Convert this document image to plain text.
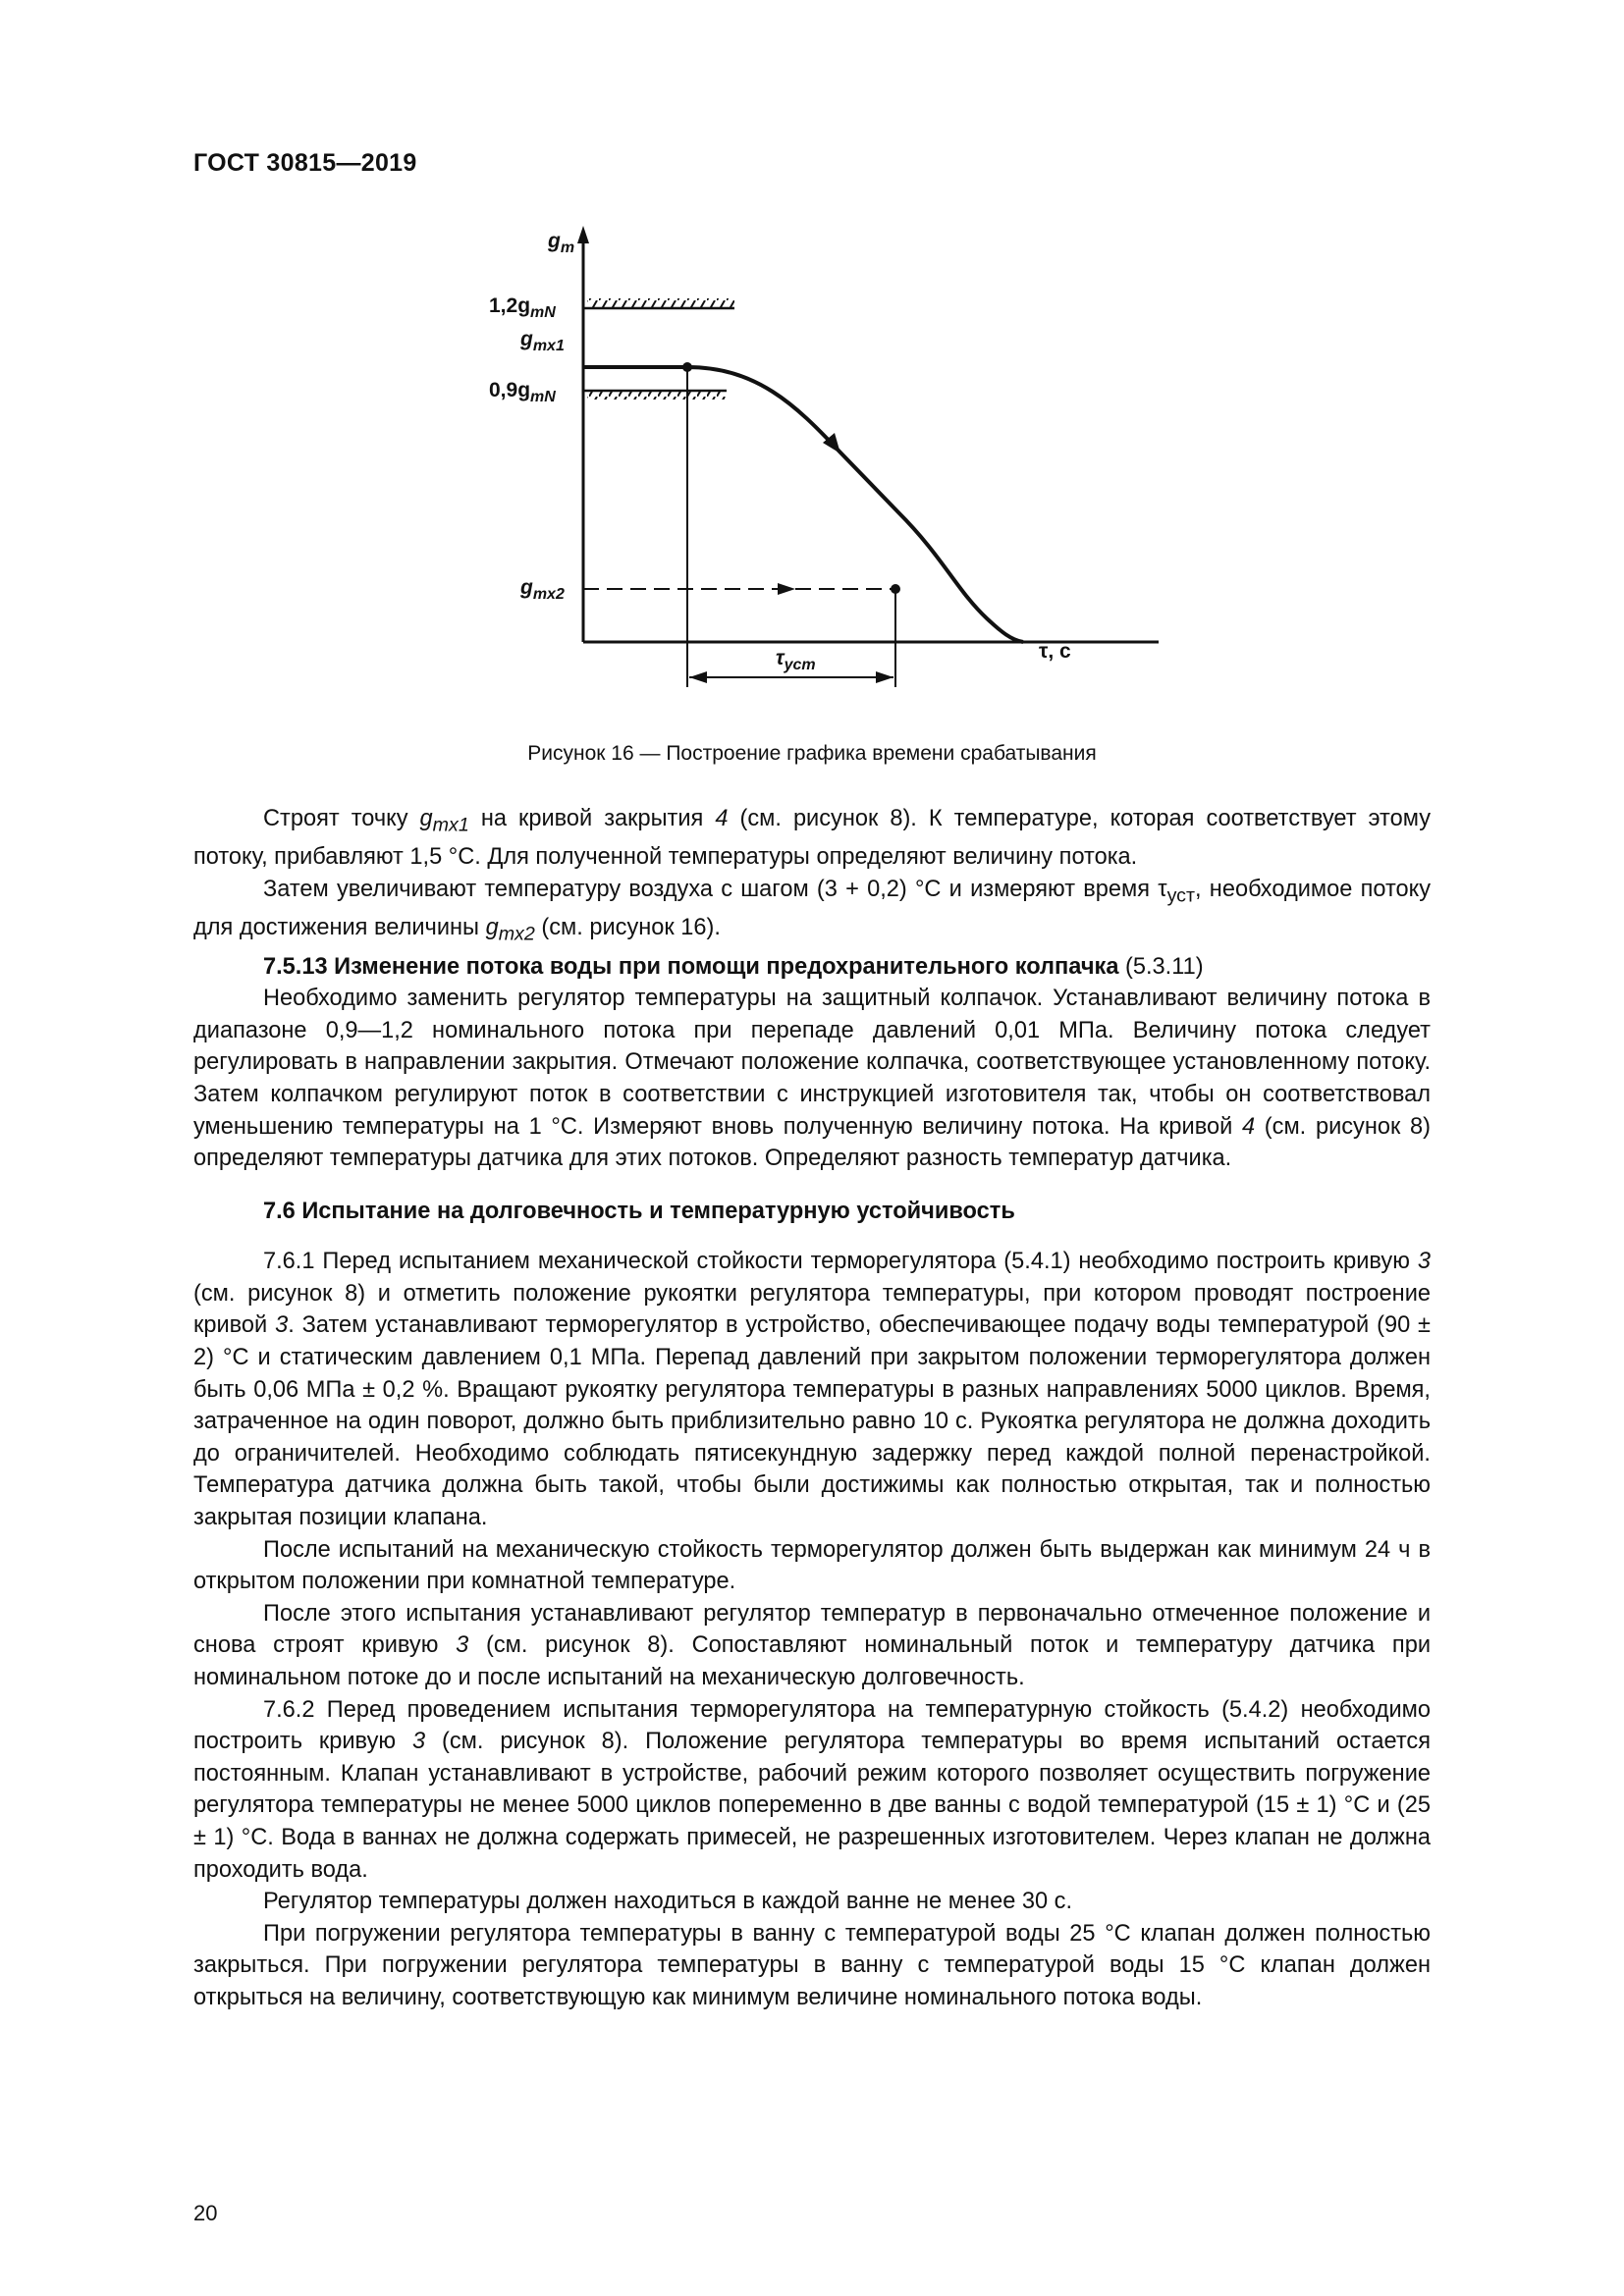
ГОСТ 30815—2019
$g_m$
$1,2g_{mN}$
$g_{mx1}$
$0,9g_{mN}$
$g_{mx2}$
$\tau_{уст}$
τ, с
Рисунок 16 — Построение графика времени срабатывания

Строят точку $g_{mx1}$ на кривой закрытия 4 (см. рисунок 8). К температуре, которая соответствует этому потоку, прибавляют 1,5 °С. Для полученной температуры определяют величину потока.

Затем увеличивают температуру воздуха с шагом (3 + 0,2) °С и измеряют время $\tau_{уст}$, необходимое потоку для достижения величины $g_{mx2}$ (см. рисунок 16).

7.5.13 Изменение потока воды при помощи предохранительного колпачка (5.3.11)

Необходимо заменить регулятор температуры на защитный колпачок. Устанавливают величину потока в диапазоне 0,9—1,2 номинального потока при перепаде давлений 0,01 МПа. Величину потока следует регулировать в направлении закрытия. Отмечают положение колпачка, соответствующее установленному потоку. Затем колпачком регулируют поток в соответствии с инструкцией изготовителя так, чтобы он соответствовал уменьшению температуры на 1 °С. Измеряют вновь полученную величину потока. На кривой 4 (см. рисунок 8) определяют температуры датчика для этих потоков. Определяют разность температур датчика.

7.6 Испытание на долговечность и температурную устойчивость

7.6.1 Перед испытанием механической стойкости терморегулятора (5.4.1) необходимо построить кривую 3 (см. рисунок 8) и отметить положение рукоятки регулятора температуры, при котором проводят построение кривой 3. Затем устанавливают терморегулятор в устройство, обеспечивающее подачу воды температурой (90 ± 2) °С и статическим давлением 0,1 МПа. Перепад давлений при закрытом положении терморегулятора должен быть 0,06 МПа ± 0,2 %. Вращают рукоятку регулятора температуры в разных направлениях 5000 циклов. Время, затраченное на один поворот, должно быть приблизительно равно 10 с. Рукоятка регулятора не должна доходить до ограничителей. Необходимо соблюдать пятисекундную задержку перед каждой полной перенастройкой. Температура датчика должна быть такой, чтобы были достижимы как полностью открытая, так и полностью закрытая позиции клапана.

После испытаний на механическую стойкость терморегулятор должен быть выдержан как минимум 24 ч в открытом положении при комнатной температуре.

После этого испытания устанавливают регулятор температур в первоначально отмеченное положение и снова строят кривую 3 (см. рисунок 8). Сопоставляют номинальный поток и температуру датчика при номинальном потоке до и после испытаний на механическую долговечность.

7.6.2 Перед проведением испытания терморегулятора на температурную стойкость (5.4.2) необходимо построить кривую 3 (см. рисунок 8). Положение регулятора температуры во время испытаний остается постоянным. Клапан устанавливают в устройстве, рабочий режим которого позволяет осуществить погружение регулятора температуры не менее 5000 циклов попеременно в две ванны с водой температурой (15 ± 1) °С и (25 ± 1) °С. Вода в ваннах не должна содержать примесей, не разрешенных изготовителем. Через клапан не должна проходить вода.

Регулятор температуры должен находиться в каждой ванне не менее 30 с.

При погружении регулятора температуры в ванну с температурой воды 25 °С клапан должен полностью закрыться. При погружении регулятора температуры в ванну с температурой воды 15 °С клапан должен открыться на величину, соответствующую как минимум величине номинального потока воды.

20
